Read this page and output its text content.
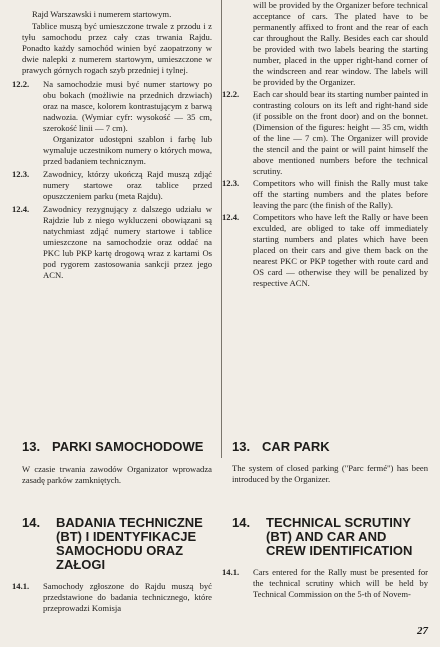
Rajd Warszawski i numerem startowym.

Tablice muszą być umieszczone trwale z przodu i z tyłu samochodu przez cały czas trwania Rajdu. Ponadto każdy samochód winien być zaopatrzony w dwie nalepki z numerem startowym, umieszczone w prawych górnych rogach szyb przedniej i tylnej.

12.2. Na samochodzie musi być numer startowy po obu bokach (możliwie na przednich drzwiach) oraz na masce, kolorem kontrastującym z barwą nadwozia. (Wymiar cyfr: wysokość — 35 cm, szerokość linii — 7 cm).

Organizator udostępni szablon i farbę lub wymaluje uczestnikom numery o których mowa, przed badaniem technicznym.

12.3. Zawodnicy, którzy ukończą Rajd muszą zdjąć numery startowe oraz tablice przed opuszczeniem parku (meta Rajdu).

12.4. Zawodnicy rezygnujący z dalszego udziału w Rajdzie lub z niego wykluczeni obowiązani są natychmiast zdjąć numery startowe i tablice umieszczone na samochodzie oraz oddać na PKC lub PKP kartę drogową wraz z kartami Os pod rygorem zastosowania sankcji przez jego ACN.

13. PARKI SAMOCHODOWE

W czasie trwania zawodów Organizator wprowadza zasadę parków zamkniętych.

14.	BADANIA TECHNICZNE (BT) I IDENTYFIKACJE SAMOCHODU ORAZ ZAŁOGI
14.1. Samochody zgłoszone do Rajdu muszą być przedstawione do badania technicznego, które przeprowadzi Komisja

will be provided by the Organizer before technical acceptance of cars. The plated have to be permanently affixed to front and the rear of each car throughout the Rally. Besides each car should be provided with two labels bearing the starting number, placed in the upper right-hand corner of the windscreen and rear window. The labels will be provided by the Organizer.

12.2. Each car should bear its starting number painted in contrasting colours on its left and right-hand side (if possible on the front door) and on the bonnet. (Dimension of the figures: height — 35 cm, width of the line — 7 cm). The Organizer will provide the stencil and the paint or will paint himself the above mentioned numbers before the technical scrutiny.

12.3. Competitors who will finish the Rally must take off the starting numbers and the plates before leaving the parc (the finish of the Rally).

12.4. Competitors who have left the Rally or have been exculded, are obliged to take off immediately starting numbers and plates which have been placed on their cars and give them back on the nearest PKC or PKP together with route card and OS card — otherwise they will be penalized by respective ACN.

13. CAR PARK

The system of closed parking ("Parc fermé") has been introduced by the Organizer.

14.	TECHNICAL SCRUTINY (BT) AND CAR AND CREW IDENTIFICATION
14.1. Cars entered for the Rally must be presented for the technical scrutiny which will be held by Technical Commission on the 5-th of Novem-

27
